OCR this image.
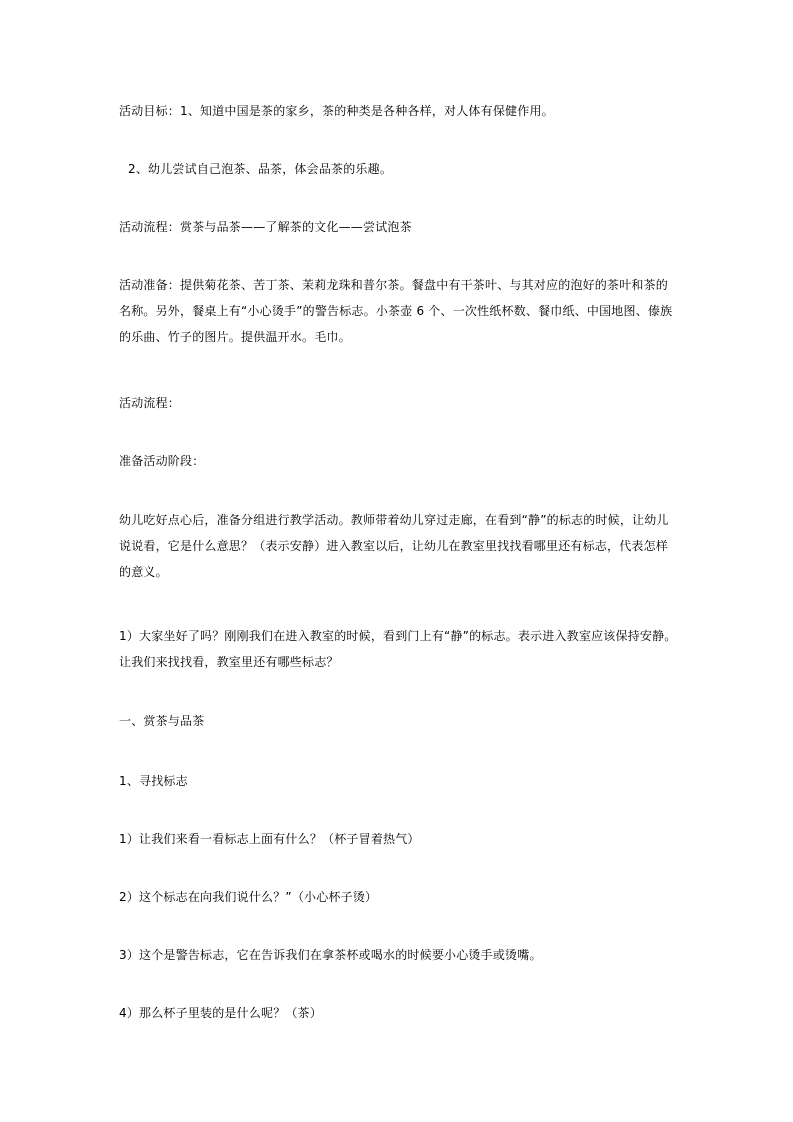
活动目标：1、知道中国是茶的家乡，茶的种类是各种各样，对人体有保健作用。
2、幼儿尝试自己泡茶、品茶，体会品茶的乐趣。
活动流程：赏茶与品茶——了解茶的文化——尝试泡茶
活动准备：提供菊花茶、苦丁茶、茉莉龙珠和普尔茶。餐盘中有干茶叶、与其对应的泡好的茶叶和茶的名称。另外，餐桌上有“小心烫手”的警告标志。小茶壶 6 个、一次性纸杯数、餐巾纸、中国地图、傣族的乐曲、竹子的图片。提供温开水。毛巾。
活动流程：
准备活动阶段：
幼儿吃好点心后，准备分组进行教学活动。教师带着幼儿穿过走廊，在看到“静”的标志的时候，让幼儿说说看，它是什么意思？（表示安静）进入教室以后，让幼儿在教室里找找看哪里还有标志，代表怎样的意义。
1）大家坐好了吗？刚刚我们在进入教室的时候，看到门上有“静”的标志。表示进入教室应该保持安静。让我们来找找看，教室里还有哪些标志？
一、赏茶与品茶
1、寻找标志
1）让我们来看一看标志上面有什么？（杯子冒着热气）
2）这个标志在向我们说什么？”（小心杯子烫）
3）这个是警告标志，它在告诉我们在拿茶杯或喝水的时候要小心烫手或烫嘴。
4）那么杯子里装的是什么呢？（茶）
